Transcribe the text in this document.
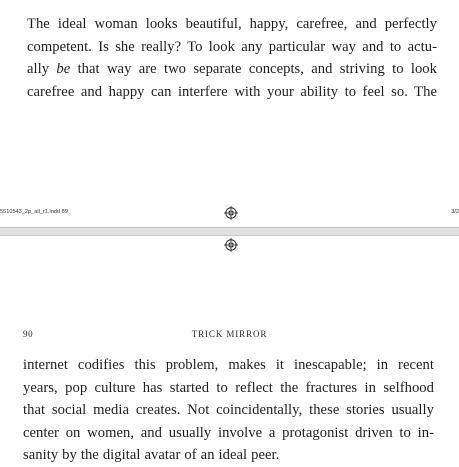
The ideal woman looks beautiful, happy, carefree, and perfectly
competent. Is she really? To look any particular way and to actu-
ally be that way are two separate concepts, and striving to look
carefree and happy can interfere with your ability to feel so. The

5510543_2p_all_r1.indd 89	3/2
90	TRICK MIRROR

internet codifies this problem, makes it inescapable; in recent
years, pop culture has started to reflect the fractures in selfhood
that social media creates. Not coincidentally, these stories usually
center on women, and usually involve a protagonist driven to in-
sanity by the digital avatar of an ideal peer.
